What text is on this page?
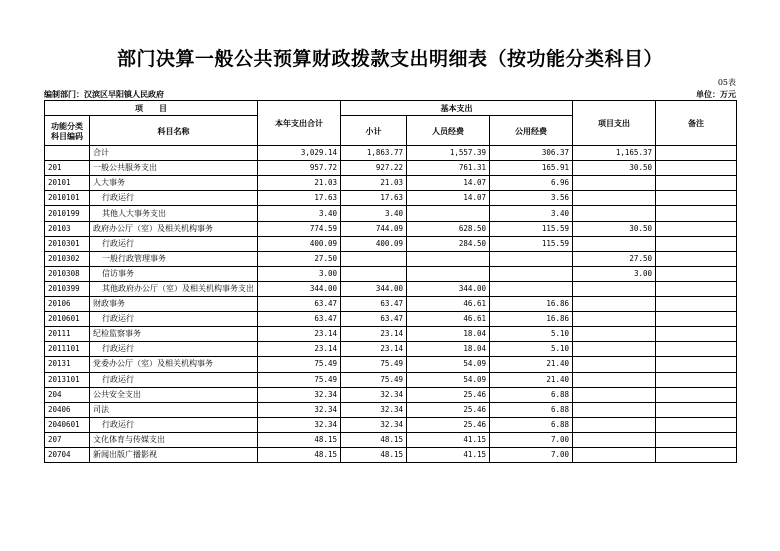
部门决算一般公共预算财政拨款支出明细表（按功能分类科目）
05表
编制部门：汉滨区早阳镇人民政府	单位：万元
项　　目		本年支出合计	基本支出			项目支出	备注
功能分类科目编码	科目名称		小计	人员经费	公用经费		
	合计	3,029.14	1,863.77	1,557.39	306.37	1,165.37	
201	一般公共服务支出	957.72	927.22	761.31	165.91	30.50	
20101	人大事务	21.03	21.03	14.07	6.96		
2010101	行政运行	17.63	17.63	14.07	3.56		
2010199	其他人大事务支出	3.40	3.40		3.40		
20103	政府办公厅（室）及相关机构事务	774.59	744.09	628.50	115.59	30.50	
2010301	行政运行	400.09	400.09	284.50	115.59		
2010302	一般行政管理事务	27.50				27.50	
2010308	信访事务	3.00				3.00	
2010399	其他政府办公厅（室）及相关机构事务支出	344.00	344.00	344.00			
20106	财政事务	63.47	63.47	46.61	16.86		
2010601	行政运行	63.47	63.47	46.61	16.86		
20111	纪检监察事务	23.14	23.14	18.04	5.10		
2011101	行政运行	23.14	23.14	18.04	5.10		
20131	党委办公厅（室）及相关机构事务	75.49	75.49	54.09	21.40		
2013101	行政运行	75.49	75.49	54.09	21.40		
204	公共安全支出	32.34	32.34	25.46	6.88		
20406	司法	32.34	32.34	25.46	6.88		
2040601	行政运行	32.34	32.34	25.46	6.88		
207	文化体育与传媒支出	48.15	48.15	41.15	7.00		
20704	新闻出版广播影视	48.15	48.15	41.15	7.00		
